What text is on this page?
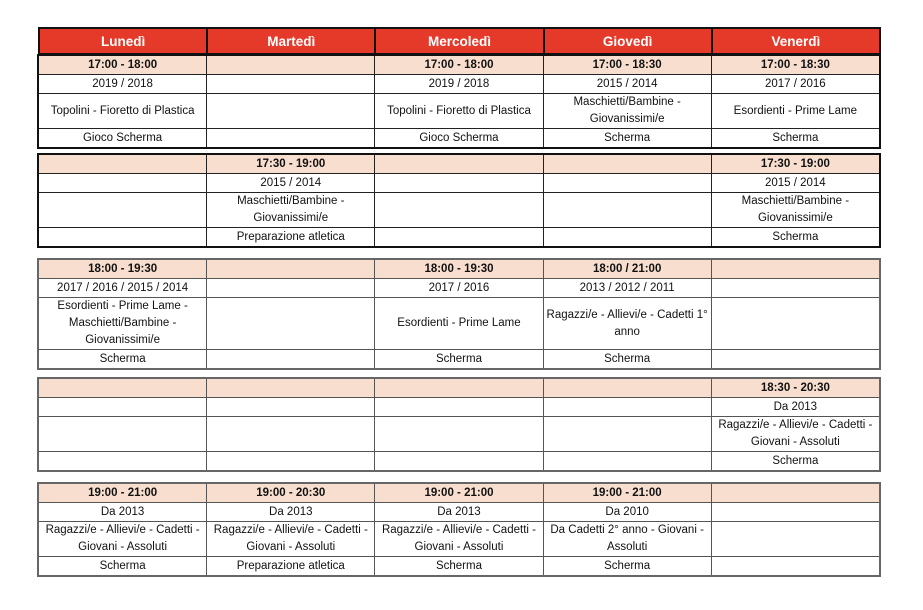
Lunedì	Martedì	Mercoledì	Giovedì	Venerdì
17:00 - 18:00		17:00 - 18:00	17:00 - 18:30	17:00 - 18:30
2019 / 2018		2019 / 2018	2015 / 2014	2017 / 2016
Topolini - Fioretto di Plastica		Topolini - Fioretto di Plastica	Maschietti/Bambine - Giovanissimi/e	Esordienti - Prime Lame
Gioco Scherma		Gioco Scherma	Scherma	Scherma
	17:30 - 19:00			17:30 - 19:00
	2015 / 2014			2015 / 2014
	Maschietti/Bambine - Giovanissimi/e			Maschietti/Bambine - Giovanissimi/e
	Preparazione atletica			Scherma
18:00 - 19:30		18:00 - 19:30	18:00 / 21:00	
2017 / 2016 / 2015 / 2014		2017 / 2016	2013 / 2012 / 2011	
Esordienti - Prime Lame - Maschietti/Bambine - Giovanissimi/e		Esordienti - Prime Lame	Ragazzi/e - Allievi/e - Cadetti 1° anno	
Scherma		Scherma	Scherma	
				18:30 - 20:30
				Da 2013
				Ragazzi/e - Allievi/e - Cadetti - Giovani - Assoluti
				Scherma
19:00 - 21:00	19:00 - 20:30	19:00 - 21:00	19:00 - 21:00	
Da 2013	Da 2013	Da 2013	Da 2010	
Ragazzi/e - Allievi/e - Cadetti - Giovani - Assoluti	Ragazzi/e - Allievi/e - Cadetti - Giovani - Assoluti	Ragazzi/e - Allievi/e - Cadetti - Giovani - Assoluti	Da Cadetti 2° anno - Giovani - Assoluti	
Scherma	Preparazione atletica	Scherma	Scherma	
